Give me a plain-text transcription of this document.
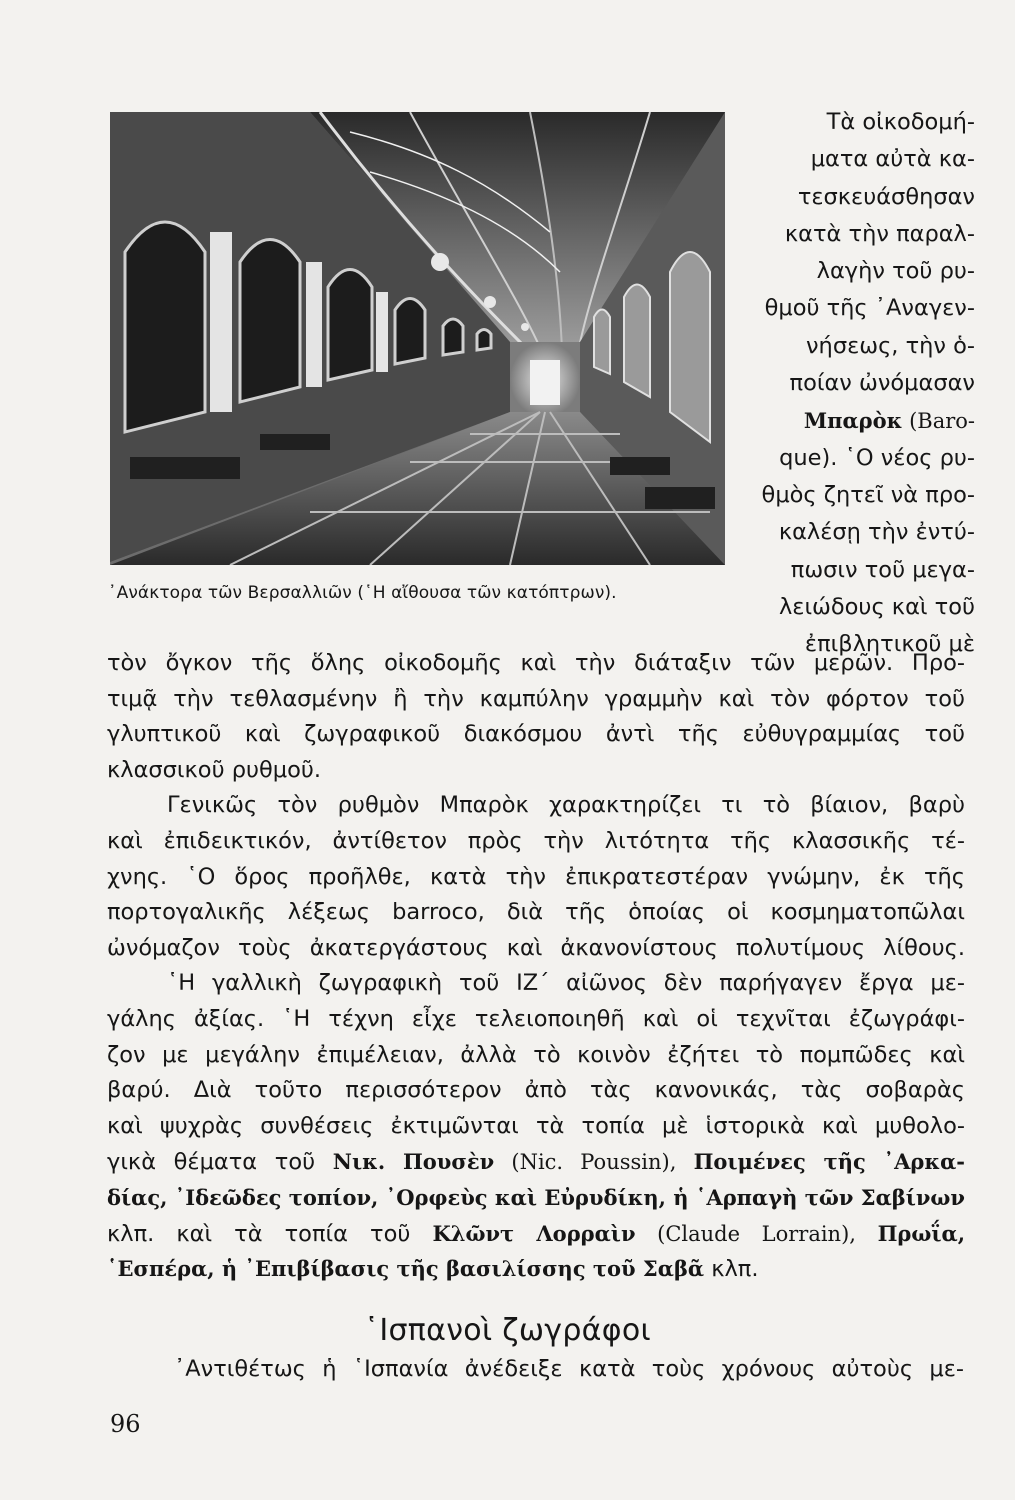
᾿Ανάκτορα τῶν Βερσαλλιῶν (῾Η αἴθουσα τῶν κατόπτρων).
Τὰ οἰκοδομή-
ματα αὐτὰ κα-
τεσκευάσθησαν
κατὰ τὴν παραλ-
λαγὴν τοῦ ρυ-
θμοῦ τῆς ᾿Αναγεν-
νήσεως, τὴν ὁ-
ποίαν ὠνόμασαν
Μπαρὸκ (Baro-
que). ῾Ο νέος ρυ-
θμὸς ζητεῖ νὰ προ-
καλέσῃ τὴν ἐντύ-
πωσιν τοῦ μεγα-
λειώδους καὶ τοῦ
ἐπιβλητικοῦ μὲ
τὸν ὄγκον τῆς ὅλης οἰκοδομῆς καὶ τὴν διάταξιν τῶν μερῶν. Προ-
τιμᾷ τὴν τεθλασμένην ἢ τὴν καμπύλην γραμμὴν καὶ τὸν φόρτον τοῦ
γλυπτικοῦ καὶ ζωγραφικοῦ διακόσμου ἀντὶ τῆς εὐθυγραμμίας τοῦ
κλασσικοῦ ρυθμοῦ.
Γενικῶς τὸν ρυθμὸν Μπαρὸκ χαρακτηρίζει τι τὸ βίαιον, βαρὺ
καὶ ἐπιδεικτικόν, ἀντίθετον πρὸς τὴν λιτότητα τῆς κλασσικῆς τέ-
χνης. ῾Ο ὅρος προῆλθε, κατὰ τὴν ἐπικρατεστέραν γνώμην, ἐκ τῆς
πορτογαλικῆς λέξεως barroco, διὰ τῆς ὁποίας οἱ κοσμηματοπῶλαι
ὠνόμαζον τοὺς ἀκατεργάστους καὶ ἀκανονίστους πολυτίμους λίθους.
῾Η γαλλικὴ ζωγραφικὴ τοῦ ΙΖ΄ αἰῶνος δὲν παρήγαγεν ἔργα με-
γάλης ἀξίας. ῾Η τέχνη εἶχε τελειοποιηθῆ καὶ οἱ τεχνῖται ἐζωγράφι-
ζον με μεγάλην ἐπιμέλειαν, ἀλλὰ τὸ κοινὸν ἐζήτει τὸ πομπῶδες καὶ
βαρύ. Διὰ τοῦτο περισσότερον ἀπὸ τὰς κανονικάς, τὰς σοβαρὰς
καὶ ψυχρὰς συνθέσεις ἐκτιμῶνται τὰ τοπία μὲ ἱστορικὰ καὶ μυθολο-
γικὰ θέματα τοῦ Νικ. Πουσὲν (Nic. Poussin), Ποιμένες τῆς ᾿Αρκα-
δίας, ᾿Ιδεῶδες τοπίον, ᾿Ορφεὺς καὶ Εὐρυδίκη, ἡ ῾Αρπαγὴ τῶν Σαβίνων
κλπ. καὶ τὰ τοπία τοῦ Κλῶντ Λορραὶν (Claude Lorrain), Πρωΐα,
῾Εσπέρα, ἡ ᾿Επιβίβασις τῆς βασιλίσσης τοῦ Σαβᾶ κλπ.
῾Ισπανοὶ ζωγράφοι
᾿Αντιθέτως ἡ ῾Ισπανία ἀνέδειξε κατὰ τοὺς χρόνους αὐτοὺς με-
96
